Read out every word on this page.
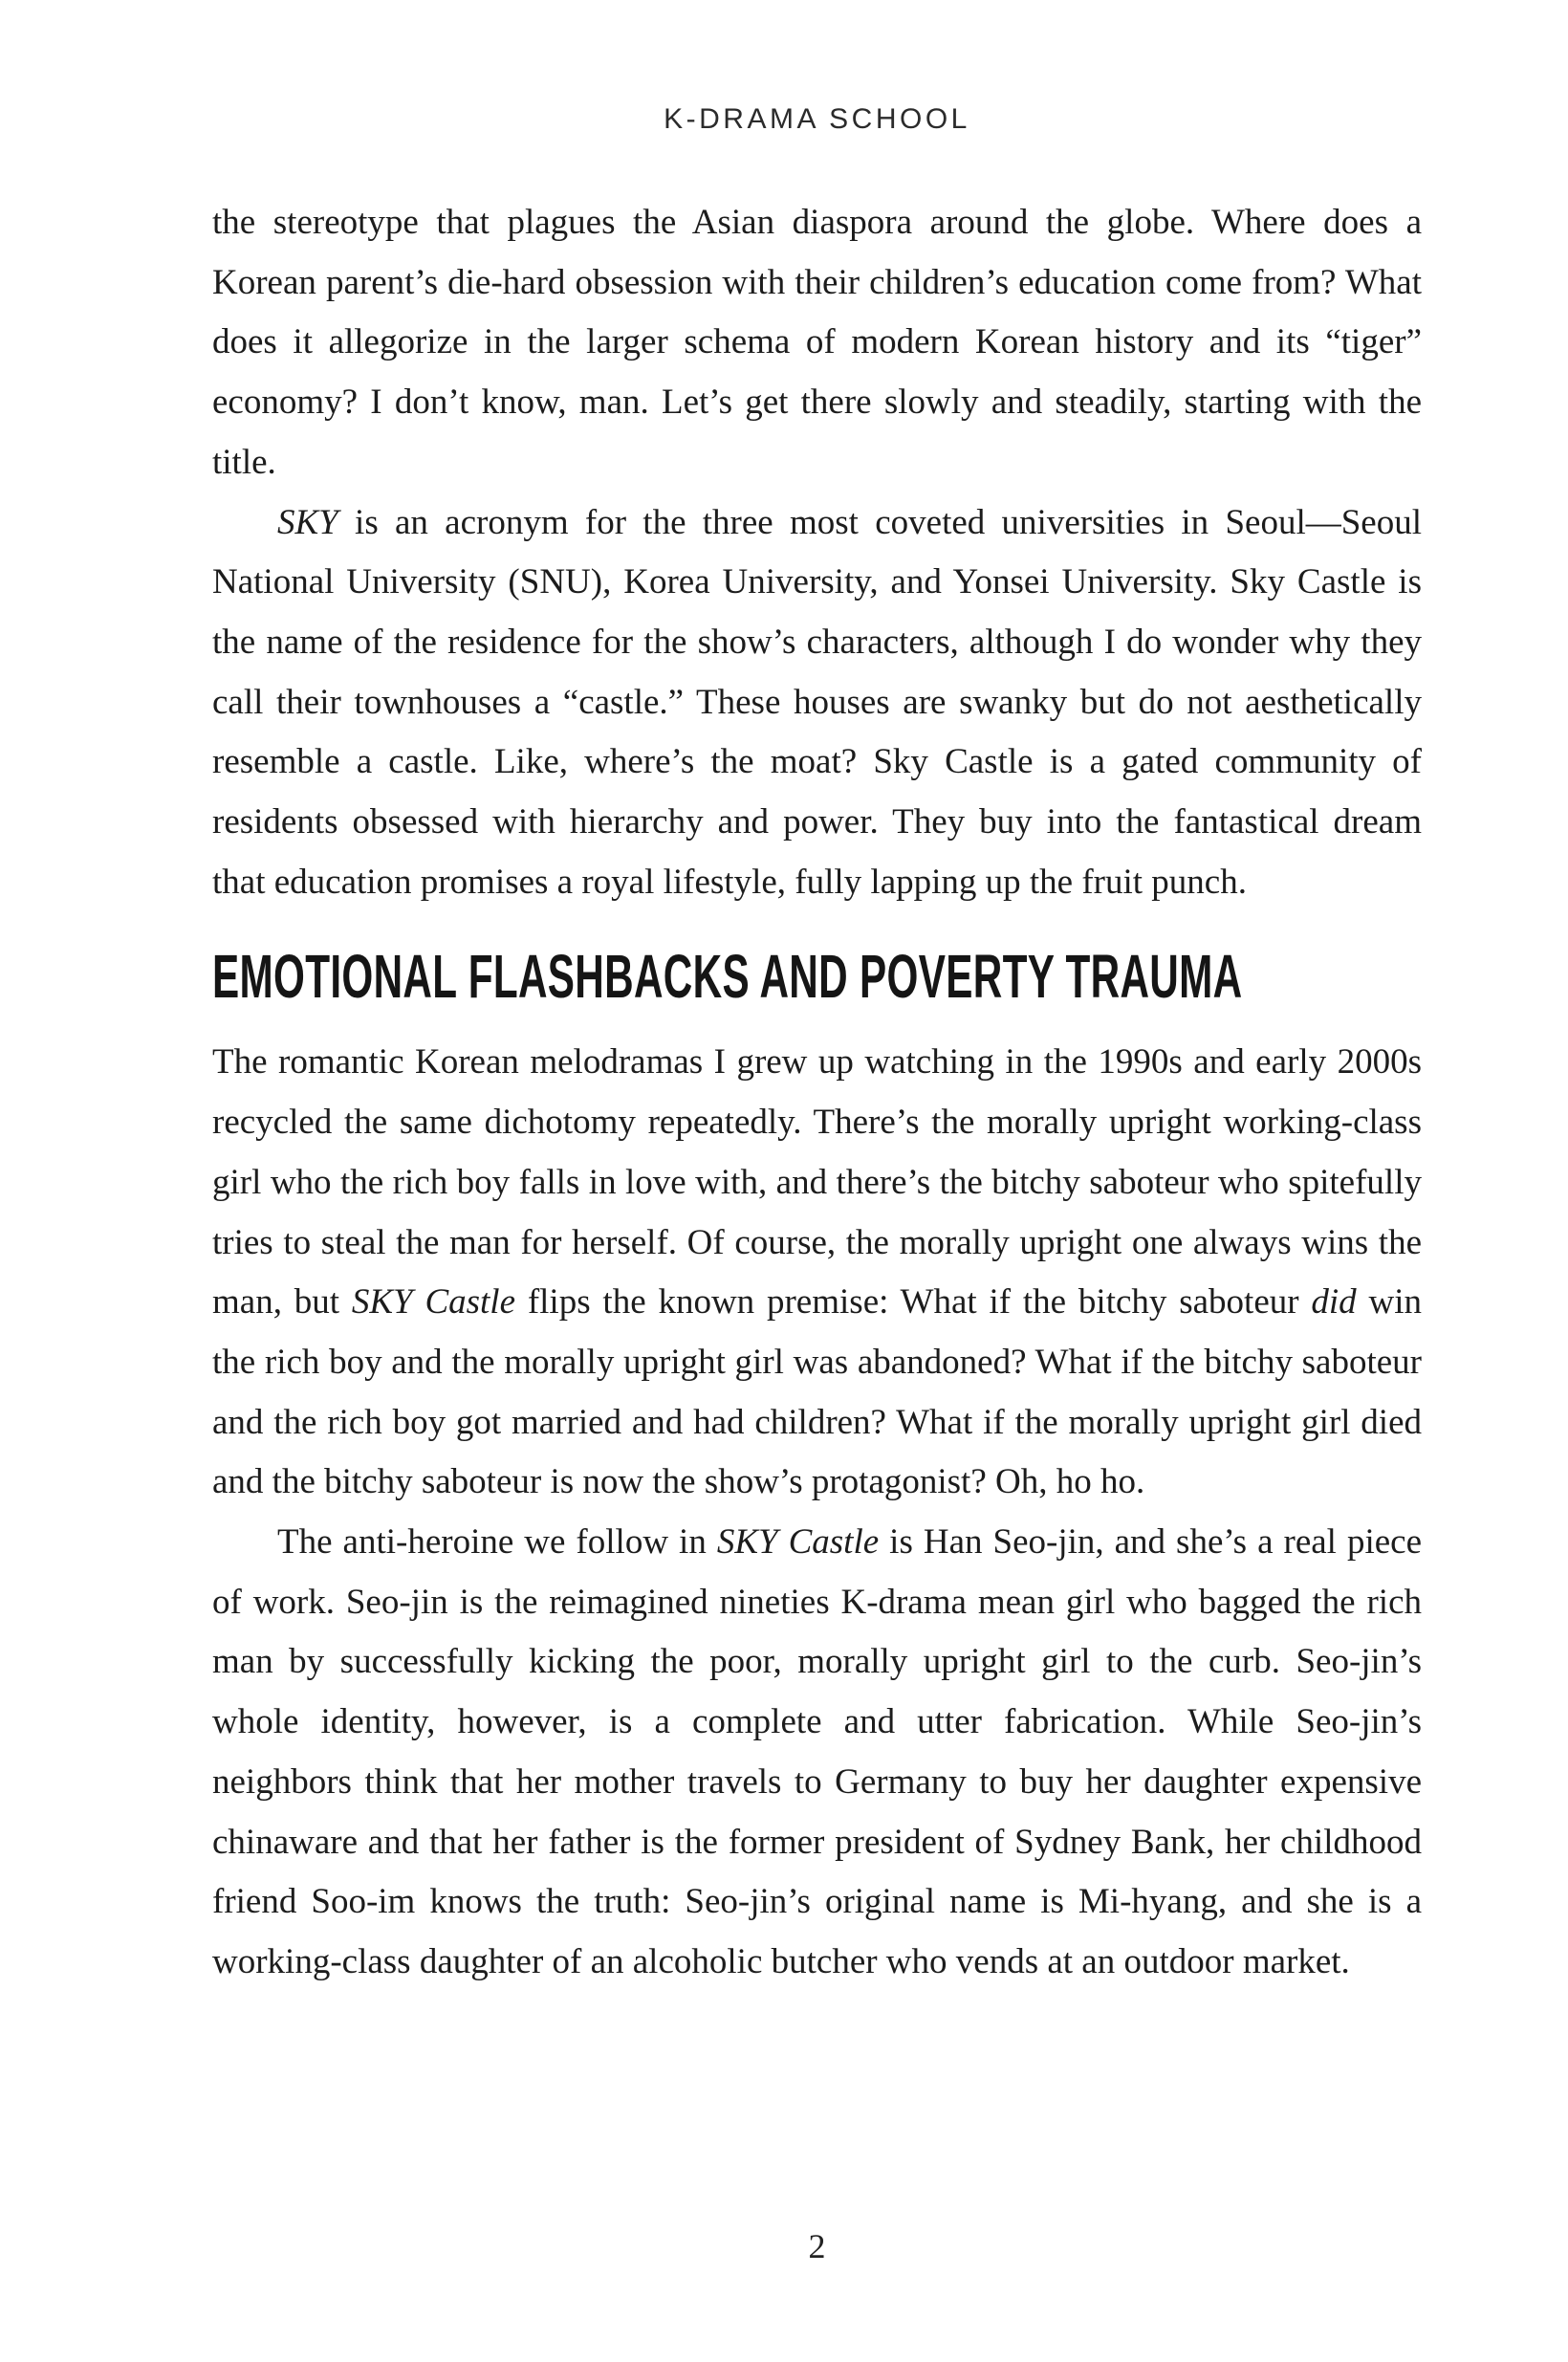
K-DRAMA SCHOOL

the stereotype that plagues the Asian diaspora around the globe. Where does a Korean parent’s die-hard obsession with their children’s education come from? What does it allegorize in the larger schema of modern Korean history and its “tiger” economy? I don’t know, man. Let’s get there slowly and steadily, starting with the title.

SKY is an acronym for the three most coveted universities in Seoul—Seoul National University (SNU), Korea University, and Yonsei University. Sky Castle is the name of the residence for the show’s characters, although I do wonder why they call their townhouses a “castle.” These houses are swanky but do not aesthetically resemble a castle. Like, where’s the moat? Sky Castle is a gated community of residents obsessed with hierarchy and power. They buy into the fantastical dream that education promises a royal lifestyle, fully lapping up the fruit punch.

EMOTIONAL FLASHBACKS AND POVERTY TRAUMA

The romantic Korean melodramas I grew up watching in the 1990s and early 2000s recycled the same dichotomy repeatedly. There’s the morally upright working-class girl who the rich boy falls in love with, and there’s the bitchy saboteur who spitefully tries to steal the man for herself. Of course, the morally upright one always wins the man, but SKY Castle flips the known premise: What if the bitchy saboteur did win the rich boy and the morally upright girl was abandoned? What if the bitchy saboteur and the rich boy got married and had children? What if the morally upright girl died and the bitchy saboteur is now the show’s protagonist? Oh, ho ho.

The anti-heroine we follow in SKY Castle is Han Seo-jin, and she’s a real piece of work. Seo-jin is the reimagined nineties K-drama mean girl who bagged the rich man by successfully kicking the poor, morally upright girl to the curb. Seo-jin’s whole identity, however, is a complete and utter fabrication. While Seo-jin’s neighbors think that her mother travels to Germany to buy her daughter expensive chinaware and that her father is the former president of Sydney Bank, her childhood friend Soo-im knows the truth: Seo-jin’s original name is Mi-hyang, and she is a working-class daughter of an alcoholic butcher who vends at an outdoor market.

2
